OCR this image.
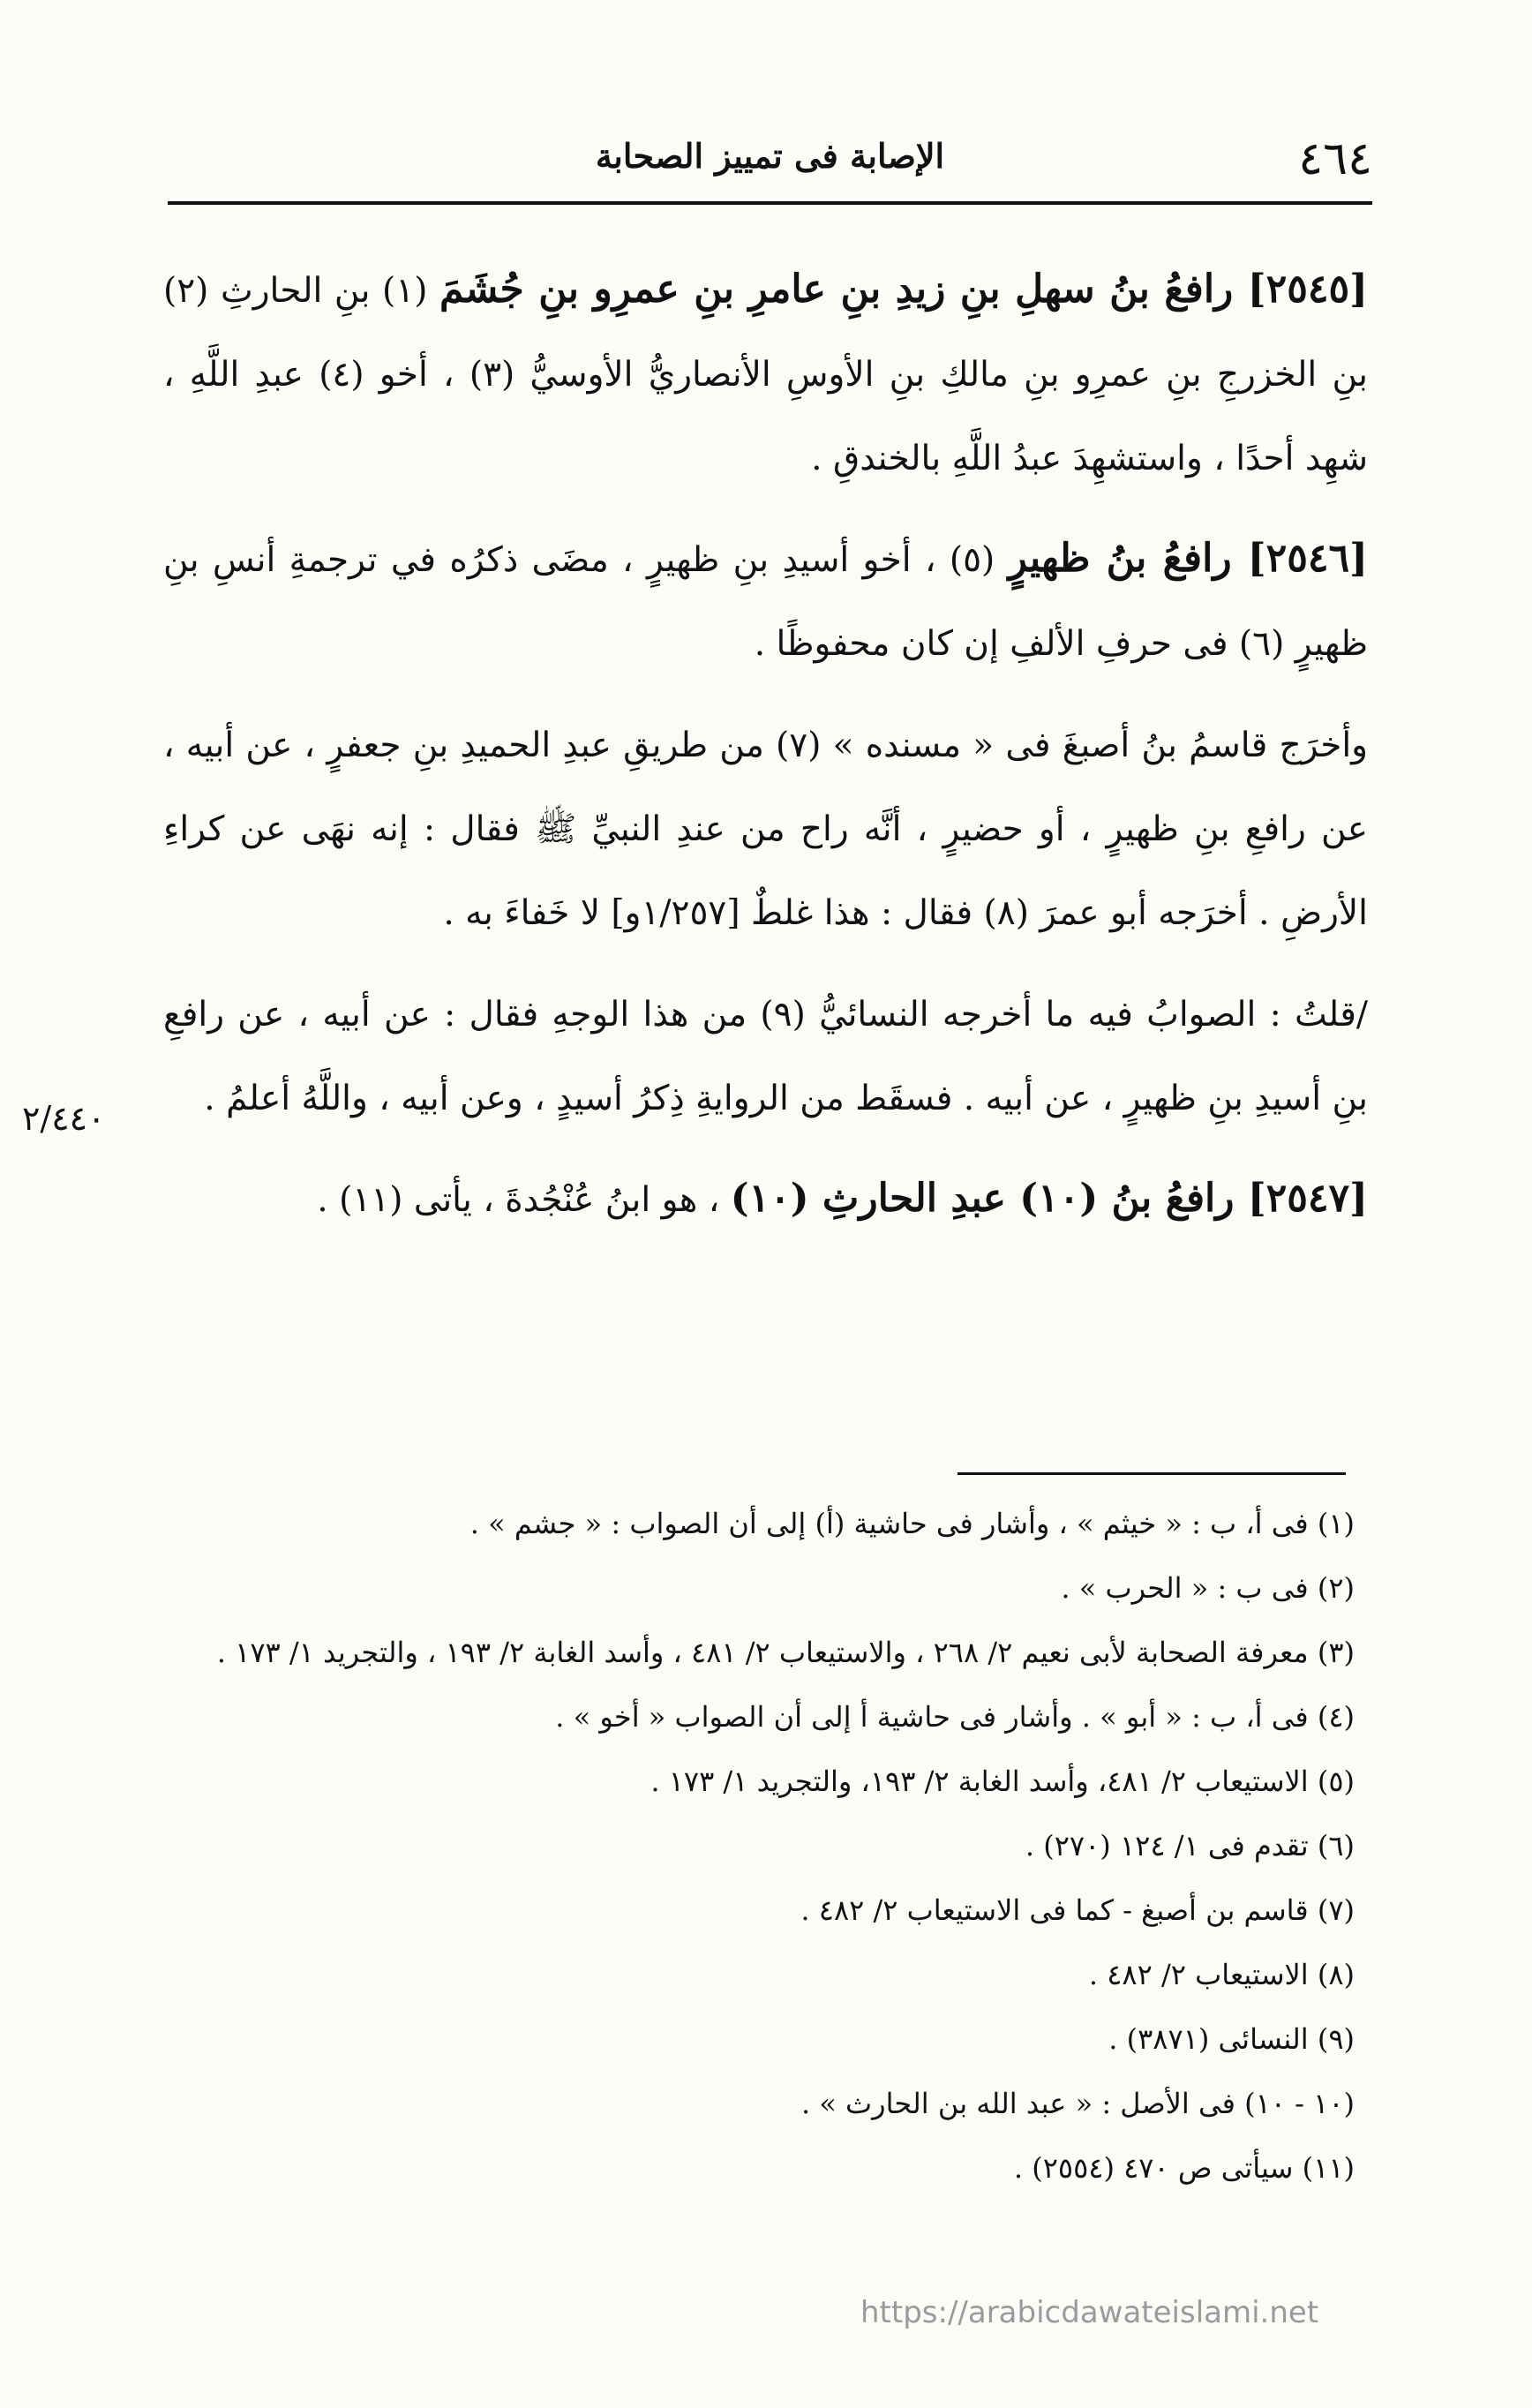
٤٦٤
الإصابة فى تمييز الصحابة
٢/٤٤٠

[٢٥٤٥] رافعُ بنُ سهلِ بنِ زيدِ بنِ عامرِ بنِ عمرِو بنِ جُشَمَ (١) بنِ الحارثِ (٢) بنِ الخزرجِ بنِ عمرِو بنِ مالكِ بنِ الأوسِ الأنصاريُّ الأوسيُّ (٣) ، أخو (٤) عبدِ اللَّهِ ، شهِد أحدًا ، واستشهِدَ عبدُ اللَّهِ بالخندقِ .

[٢٥٤٦] رافعُ بنُ ظهيرٍ (٥) ، أخو أسيدِ بنِ ظهيرٍ ، مضَى ذكرُه في ترجمةِ أنسِ بنِ ظهيرٍ (٦) فى حرفِ الألفِ إن كان محفوظًا .

وأخرَج قاسمُ بنُ أصبغَ فى « مسنده » (٧) من طريقِ عبدِ الحميدِ بنِ جعفرٍ ، عن أبيه ، عن رافعِ بنِ ظهيرٍ ، أو حضيرٍ ، أنَّه راح من عندِ النبيِّ ﷺ فقال : إنه نهَى عن كراءِ الأرضِ . أخرَجه أبو عمرَ (٨) فقال : هذا غلطٌ [١/٢٥٧و] لا خَفاءَ به .

/قلتُ : الصوابُ فيه ما أخرجه النسائيُّ (٩) من هذا الوجهِ فقال : عن أبيه ، عن رافعِ بنِ أسيدِ بنِ ظهيرٍ ، عن أبيه . فسقَط من الروايةِ ذِكرُ أسيدٍ ، وعن أبيه ، واللَّهُ أعلمُ .

[٢٥٤٧] رافعُ بنُ (١٠) عبدِ الحارثِ (١٠) ، هو ابنُ عُنْجُدةَ ، يأتى (١١) .

(١) فى أ، ب : « خيثم » ، وأشار فى حاشية (أ) إلى أن الصواب : « جشم » .
(٢) فى ب : « الحرب » .
(٣) معرفة الصحابة لأبى نعيم ٢/ ٢٦٨ ، والاستيعاب ٢/ ٤٨١ ، وأسد الغابة ٢/ ١٩٣ ، والتجريد ١/ ١٧٣ .
(٤) فى أ، ب : « أبو » . وأشار فى حاشية أ إلى أن الصواب « أخو » .
(٥) الاستيعاب ٢/ ٤٨١، وأسد الغابة ٢/ ١٩٣، والتجريد ١/ ١٧٣ .
(٦) تقدم فى ١/ ١٢٤ (٢٧٠) .
(٧) قاسم بن أصبغ - كما فى الاستيعاب ٢/ ٤٨٢ .
(٨) الاستيعاب ٢/ ٤٨٢ .
(٩) النسائى (٣٨٧١) .
(١٠ - ١٠) فى الأصل : « عبد الله بن الحارث » .
(١١) سيأتى ص ٤٧٠ (٢٥٥٤) .
https://arabicdawateislami.net
